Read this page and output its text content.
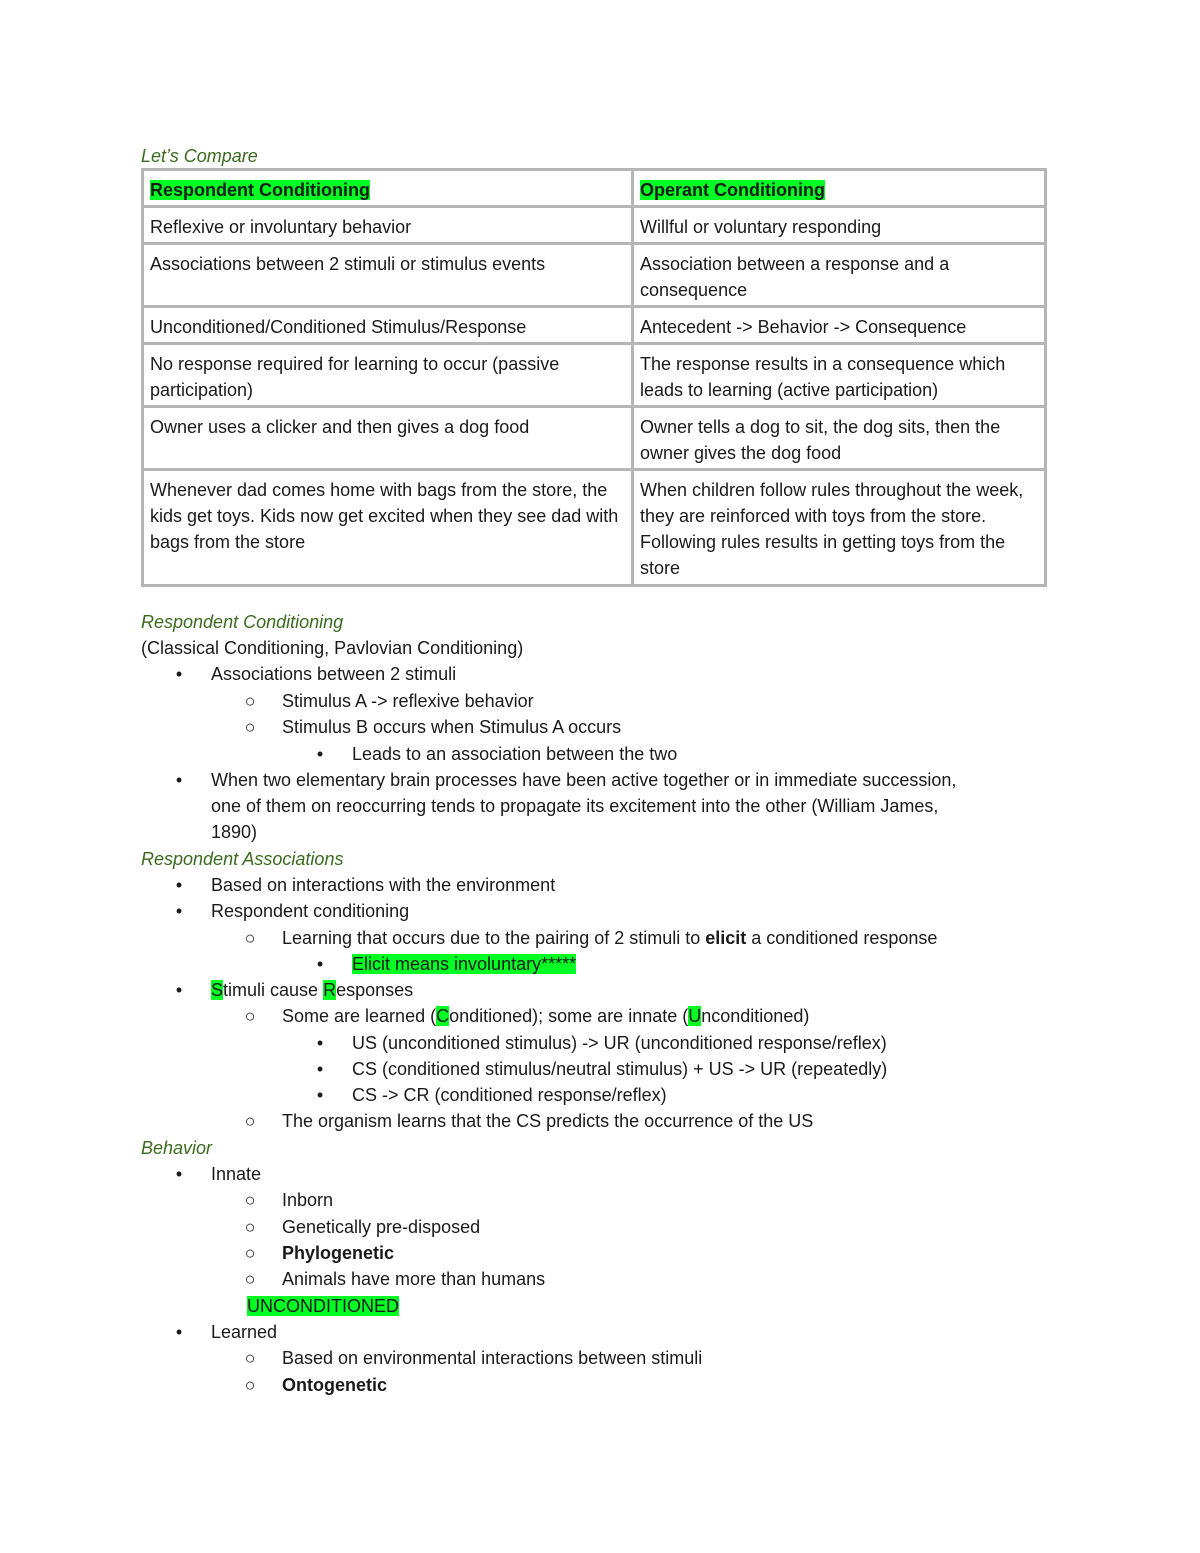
Let’s Compare
Respondent Conditioning	Operant Conditioning
Reflexive or involuntary behavior	Willful or voluntary responding
Associations between 2 stimuli or stimulus events	Association between a response and a consequence
Unconditioned/Conditioned Stimulus/Response	Antecedent -> Behavior -> Consequence
No response required for learning to occur (passive participation)	The response results in a consequence which leads to learning (active participation)
Owner uses a clicker and then gives a dog food	Owner tells a dog to sit, the dog sits, then the owner gives the dog food
Whenever dad comes home with bags from the store, the kids get toys. Kids now get excited when they see dad with bags from the store	When children follow rules throughout the week, they are reinforced with toys from the store. Following rules results in getting toys from the store
Respondent Conditioning
(Classical Conditioning, Pavlovian Conditioning)
•	Associations between 2 stimuli
○ Stimulus A -> reflexive behavior
○ Stimulus B occurs when Stimulus A occurs
•	Leads to an association between the two
•	When two elementary brain processes have been active together or in immediate succession,
one of them on reoccurring tends to propagate its excitement into the other (William James,
1890)
Respondent Associations
•	Based on interactions with the environment
•	Respondent conditioning
○ Learning that occurs due to the pairing of 2 stimuli to elicit a conditioned response
•	Elicit means involuntary*****
•	Stimuli cause Responses
○ Some are learned (Conditioned); some are innate (Unconditioned)
•	US (unconditioned stimulus) -> UR (unconditioned response/reflex)
•	CS (conditioned stimulus/neutral stimulus) + US -> UR (repeatedly)
•	CS -> CR (conditioned response/reflex)
○ The organism learns that the CS predicts the occurrence of the US
Behavior
•	Innate
○ Inborn
○ Genetically pre-disposed
○ Phylogenetic
○ Animals have more than humans
UNCONDITIONED
•	Learned
○ Based on environmental interactions between stimuli
○ Ontogenetic
